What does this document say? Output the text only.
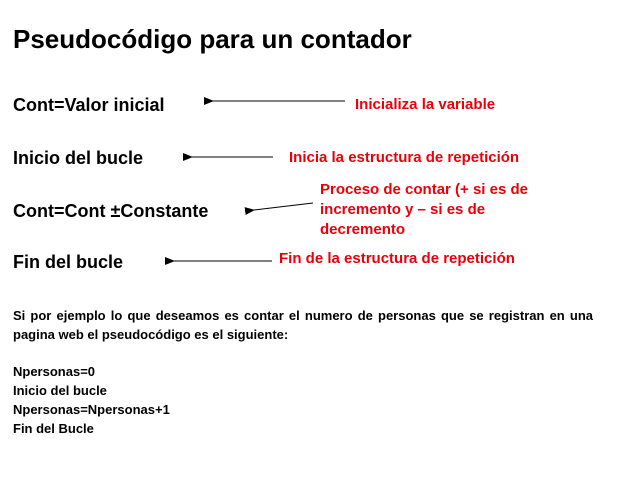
Pseudocódigo para un contador
Cont=Valor inicial
Inicio del bucle
Cont=Cont ±Constante
Fin del bucle
Inicializa la variable
Inicia la estructura de repetición
Proceso de contar (+ si es de
incremento y – si es de
decremento
Fin de la estructura de repetición
Si por ejemplo lo que deseamos es contar el numero de personas que se registran en una pagina web el pseudocódigo es el siguiente:
Npersonas=0
Inicio del bucle
Npersonas=Npersonas+1
Fin del Bucle
